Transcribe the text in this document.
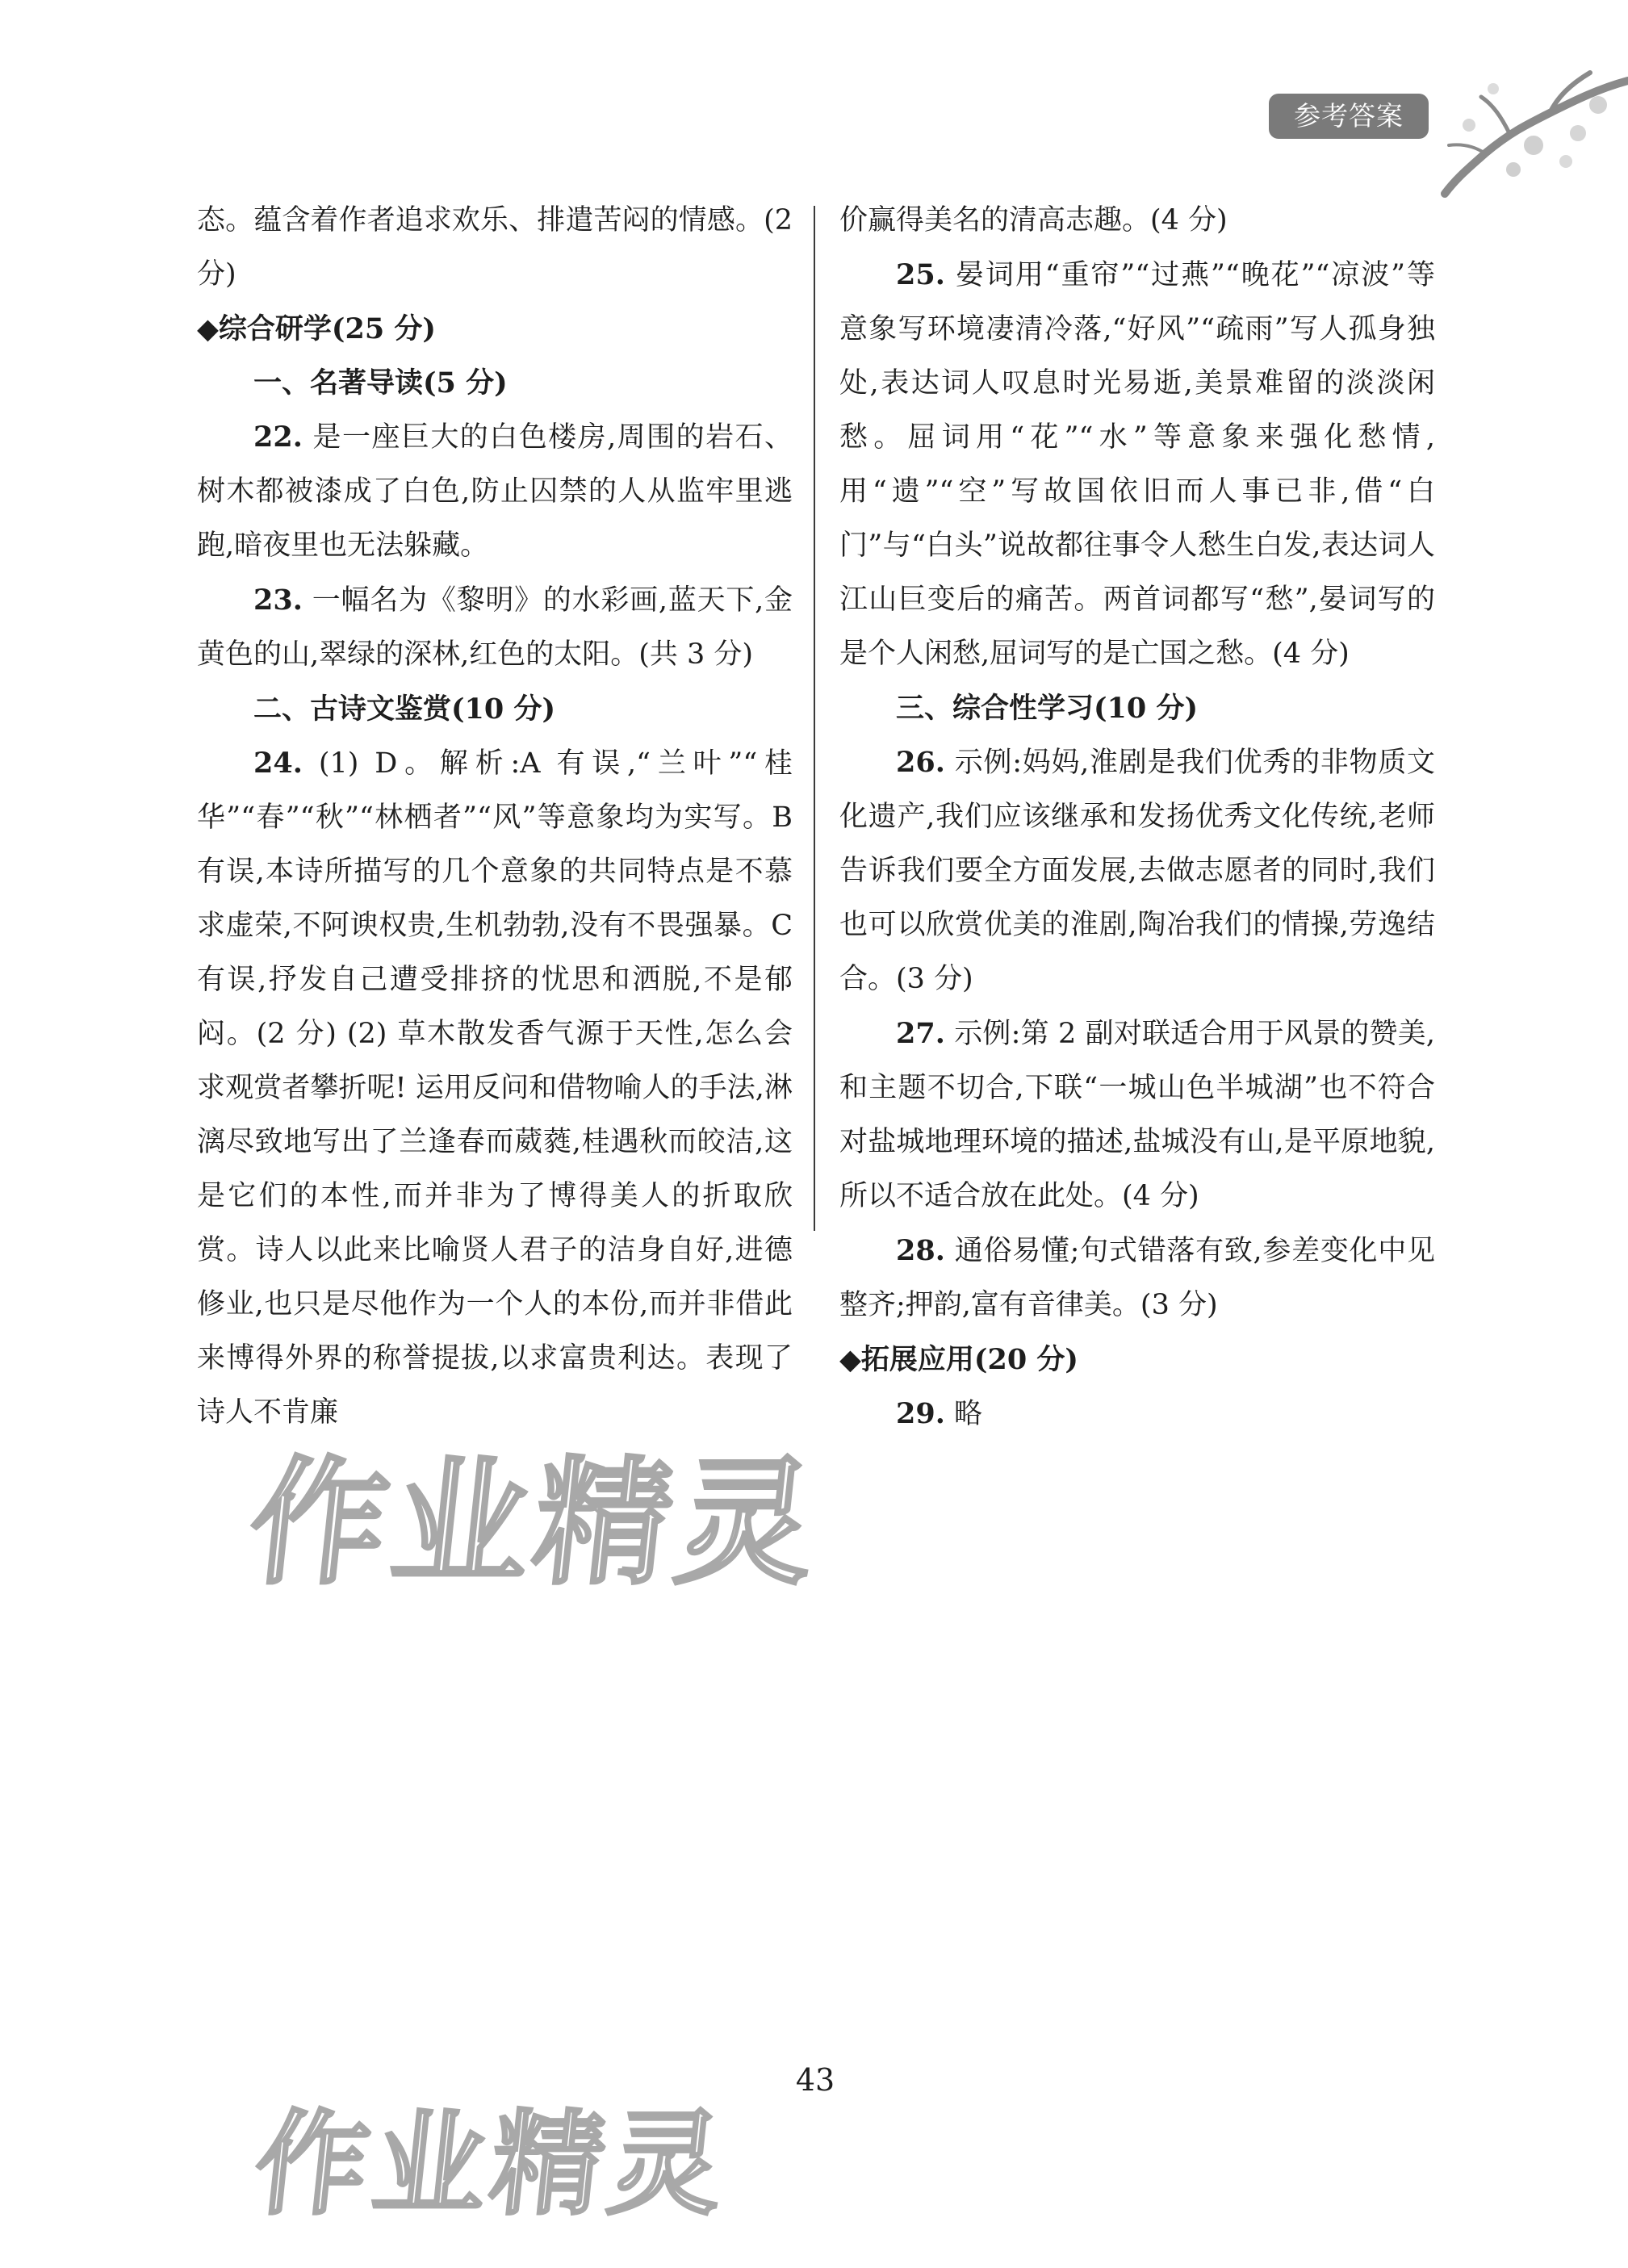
参考答案

态。蕴含着作者追求欢乐、排遣苦闷的情感。(2 分)

◆综合研学(25 分)

一、名著导读(5 分)

22. 是一座巨大的白色楼房,周围的岩石、树木都被漆成了白色,防止囚禁的人从监牢里逃跑,暗夜里也无法躲藏。

23. 一幅名为《黎明》的水彩画,蓝天下,金黄色的山,翠绿的深林,红色的太阳。(共 3 分)

二、古诗文鉴赏(10 分)

24. (1) D。解析:A 有误,“兰叶”“桂华”“春”“秋”“林栖者”“风”等意象均为实写。B 有误,本诗所描写的几个意象的共同特点是不慕求虚荣,不阿谀权贵,生机勃勃,没有不畏强暴。C 有误,抒发自己遭受排挤的忧思和洒脱,不是郁闷。(2 分) (2) 草木散发香气源于天性,怎么会求观赏者攀折呢! 运用反问和借物喻人的手法,淋漓尽致地写出了兰逢春而葳蕤,桂遇秋而皎洁,这是它们的本性,而并非为了博得美人的折取欣赏。诗人以此来比喻贤人君子的洁身自好,进德修业,也只是尽他作为一个人的本份,而并非借此来博得外界的称誉提拔,以求富贵利达。表现了诗人不肯廉

价赢得美名的清高志趣。(4 分)

25. 晏词用“重帘”“过燕”“晚花”“凉波”等意象写环境凄清冷落,“好风”“疏雨”写人孤身独处,表达词人叹息时光易逝,美景难留的淡淡闲愁。屈词用“花”“水”等意象来强化愁情,用“遗”“空”写故国依旧而人事已非,借“白门”与“白头”说故都往事令人愁生白发,表达词人江山巨变后的痛苦。两首词都写“愁”,晏词写的是个人闲愁,屈词写的是亡国之愁。(4 分)

三、综合性学习(10 分)

26. 示例:妈妈,淮剧是我们优秀的非物质文化遗产,我们应该继承和发扬优秀文化传统,老师告诉我们要全方面发展,去做志愿者的同时,我们也可以欣赏优美的淮剧,陶冶我们的情操,劳逸结合。(3 分)

27. 示例:第 2 副对联适合用于风景的赞美,和主题不切合,下联“一城山色半城湖”也不符合对盐城地理环境的描述,盐城没有山,是平原地貌,所以不适合放在此处。(4 分)

28. 通俗易懂;句式错落有致,参差变化中见整齐;押韵,富有音律美。(3 分)

◆拓展应用(20 分)

29. 略

作业精灵
作业精灵
43
